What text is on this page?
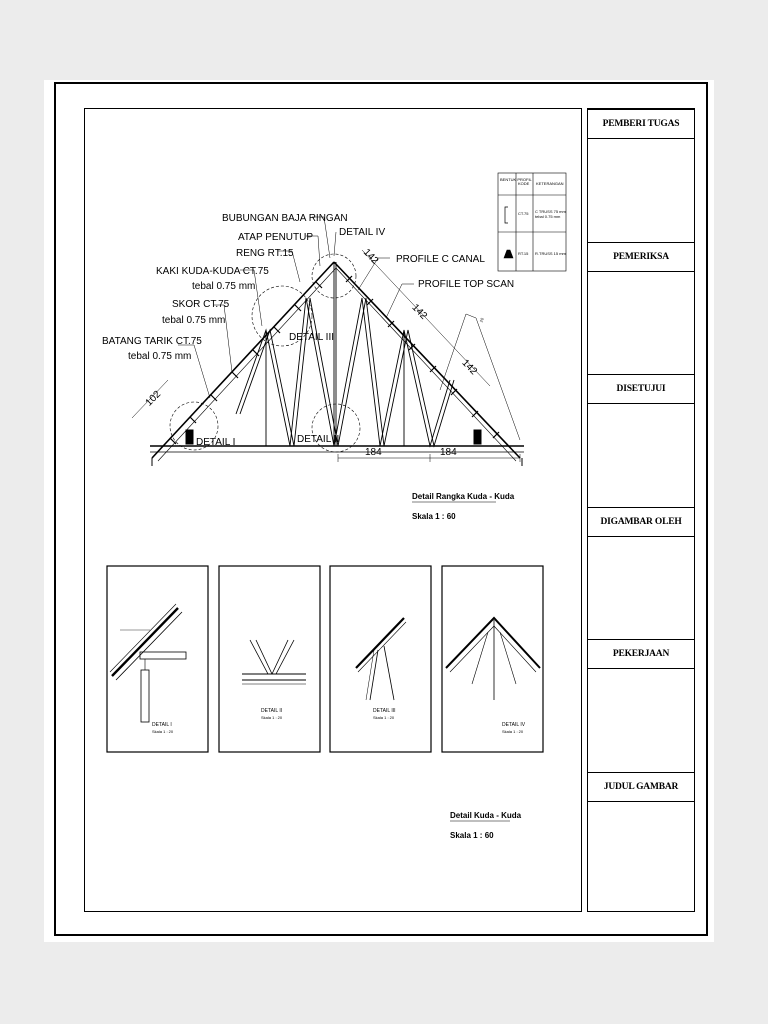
PEMBERI TUGAS
PEMERIKSA
DISETUJUI
DIGAMBAR OLEH
PEKERJAAN
JUDUL GAMBAR
BUBUNGAN BAJA RINGAN
ATAP PENUTUP
RENG RT.15
KAKI KUDA-KUDA CT.75
tebal 0.75 mm
SKOR CT.75
tebal 0.75 mm
BATANG TARIK CT.75
tebal 0.75 mm
DETAIL IV
PROFILE C CANAL
PROFILE TOP SCAN
DETAIL III
DETAIL I	DETAIL II
102
142
142
142
184	184
20
Detail Rangka Kuda - Kuda
Skala 1 : 60
BENTUK PROFIL
KODE KETERANGAN
CT.75 C TRUSS 75 mm
tebal 0.75 mm
RT.15 R.TRUSS 15 mm
DETAIL I
Skala 1 : 20
DETAIL II
Skala 1 : 20
DETAIL III
Skala 1 : 20
DETAIL IV
Skala 1 : 20
Detail Kuda - Kuda
Skala 1 : 60
